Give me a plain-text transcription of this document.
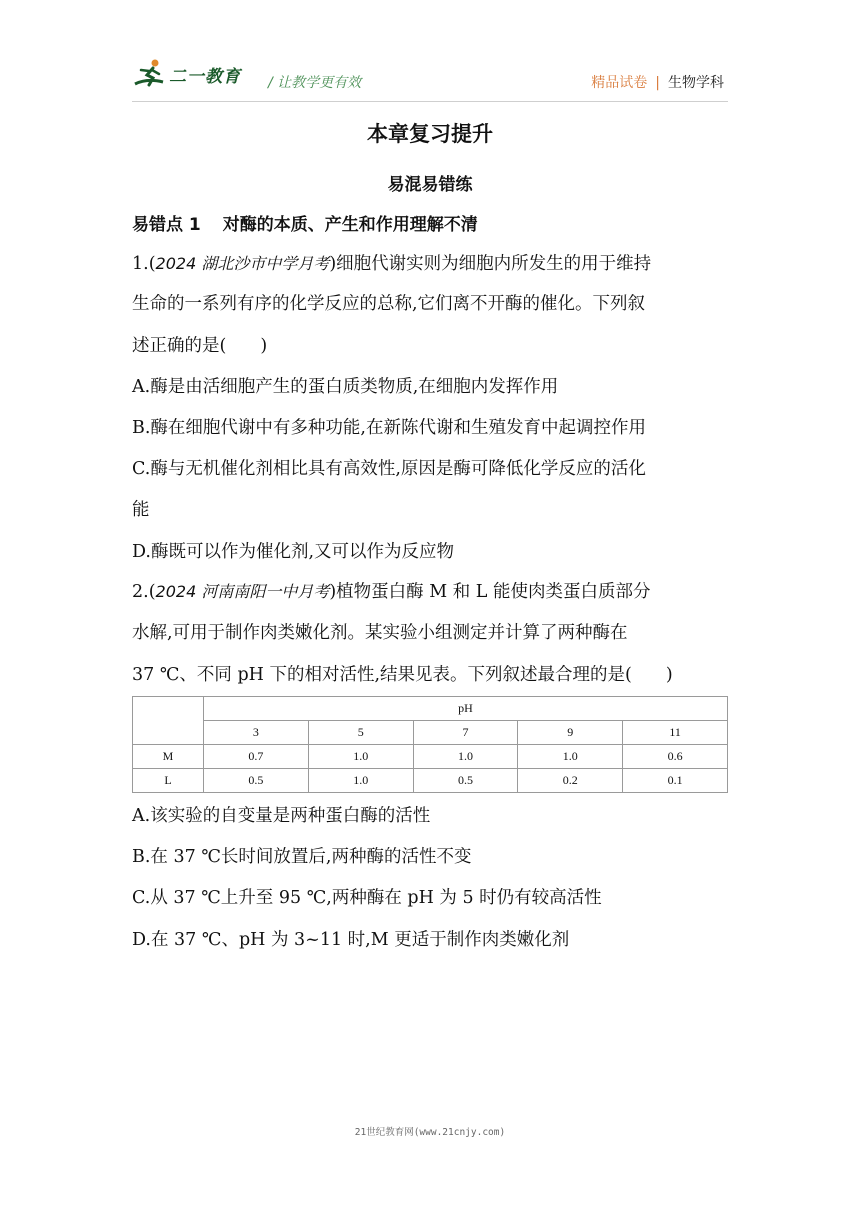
二一教育 / 让教学更有效	精品试卷 | 生物学科
本章复习提升
易混易错练
易错点 1 对酶的本质、产生和作用理解不清
1.(2024 湖北沙市中学月考)细胞代谢实则为细胞内所发生的用于维持
生命的一系列有序的化学反应的总称,它们离不开酶的催化。下列叙
述正确的是( )
A.酶是由活细胞产生的蛋白质类物质,在细胞内发挥作用
B.酶在细胞代谢中有多种功能,在新陈代谢和生殖发育中起调控作用
C.酶与无机催化剂相比具有高效性,原因是酶可降低化学反应的活化
能
D.酶既可以作为催化剂,又可以作为反应物
2.(2024 河南南阳一中月考)植物蛋白酶 M 和 L 能使肉类蛋白质部分
水解,可用于制作肉类嫩化剂。某实验小组测定并计算了两种酶在
37 ℃、不同 pH 下的相对活性,结果见表。下列叙述最合理的是( )
	pH				
	3	5	7	9	11
M	0.7	1.0	1.0	1.0	0.6
L	0.5	1.0	0.5	0.2	0.1
A.该实验的自变量是两种蛋白酶的活性
B.在 37 ℃长时间放置后,两种酶的活性不变
C.从 37 ℃上升至 95 ℃,两种酶在 pH 为 5 时仍有较高活性
D.在 37 ℃、pH 为 3~11 时,M 更适于制作肉类嫩化剂
21世纪教育网(www.21cnjy.com)
